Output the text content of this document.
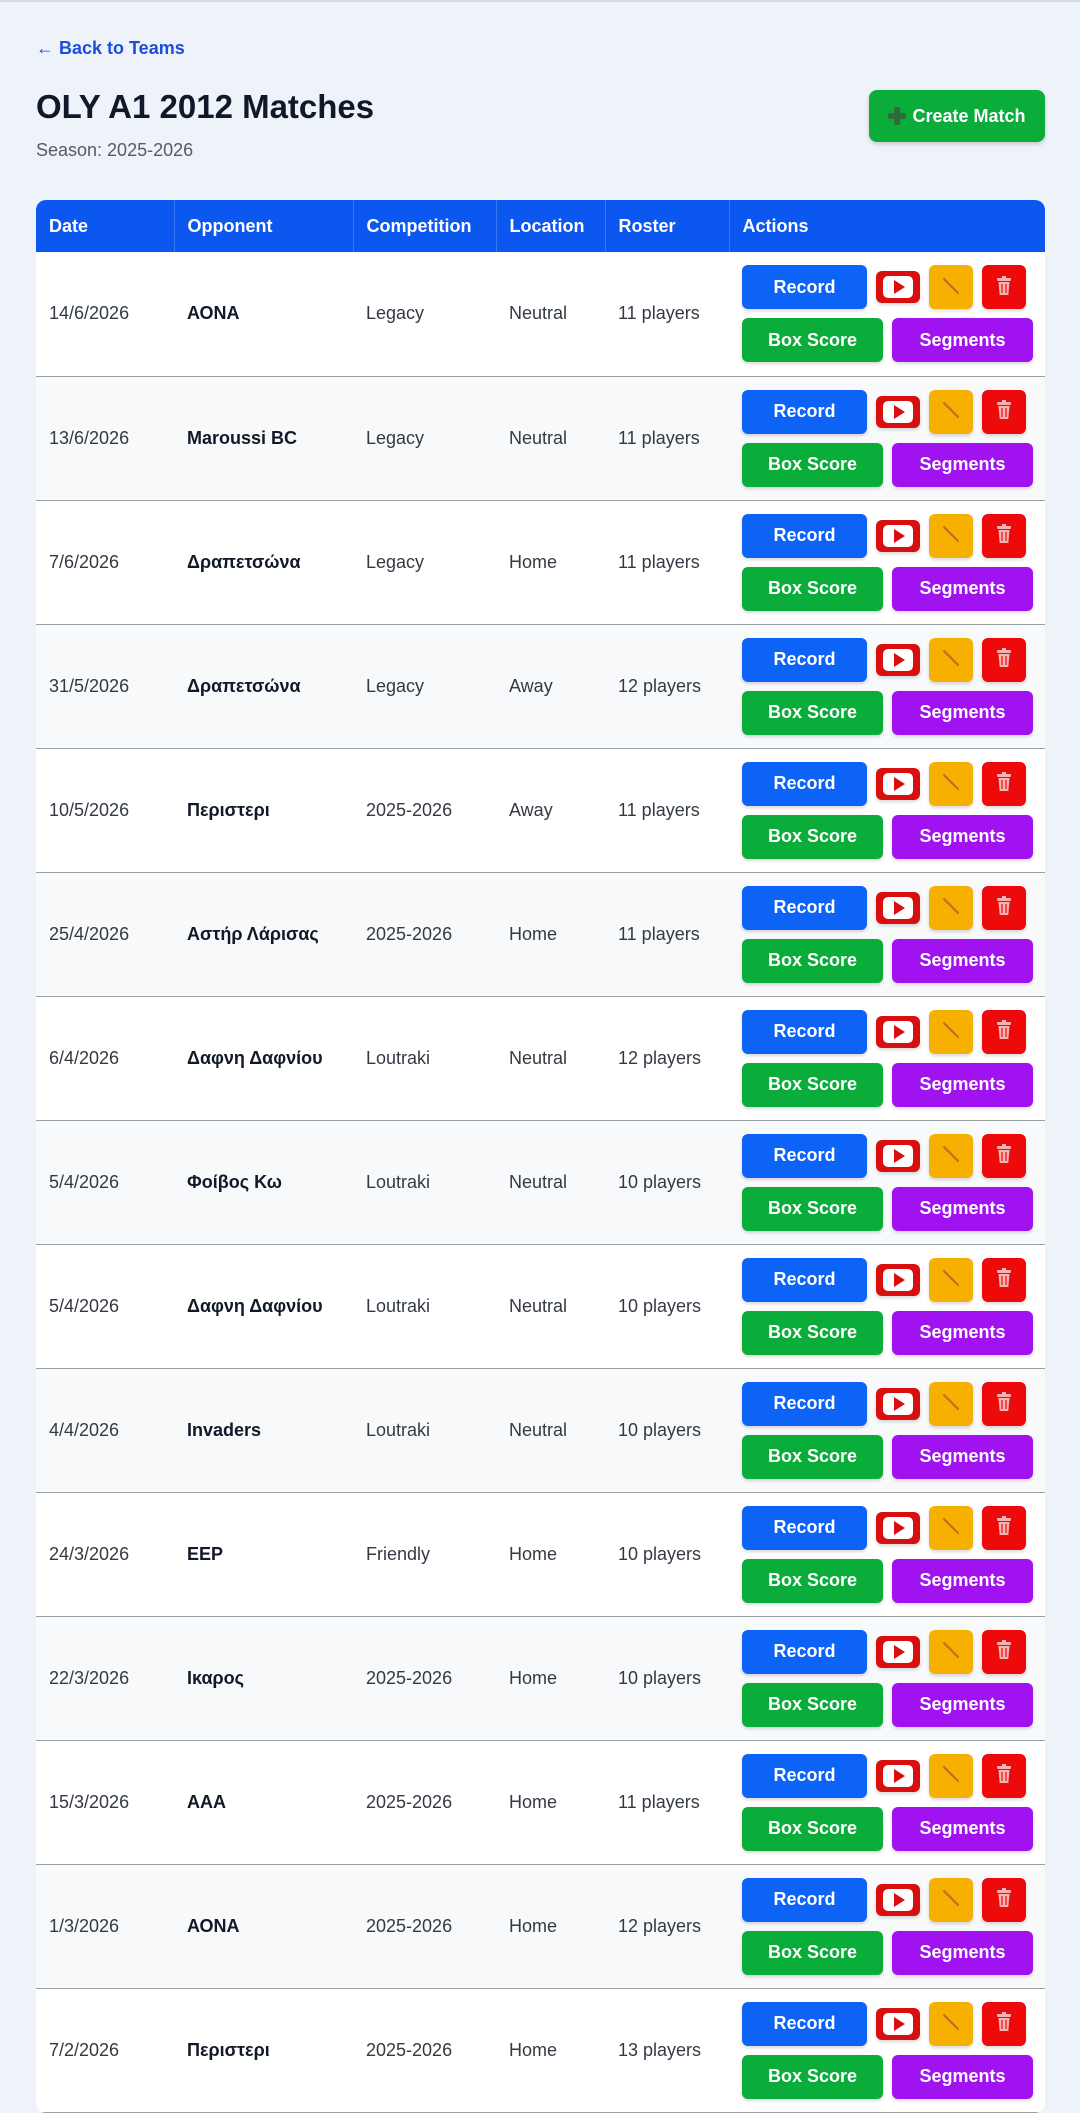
← Back to Teams
OLY A1 2012 Matches
Season: 2025-2026
Create Match
Date	Opponent	Competition	Location	Roster	Actions
14/6/2026	ΑΟΝΑ	Legacy	Neutral	11 players	Record
Box Score Segments

13/6/2026	Maroussi BC	Legacy	Neutral	11 players	Record
Box Score Segments

7/6/2026	Δραπετσώνα	Legacy	Home	11 players	Record
Box Score Segments

31/5/2026	Δραπετσώνα	Legacy	Away	12 players	Record
Box Score Segments

10/5/2026	Περιστερι	2025-2026	Away	11 players	Record
Box Score Segments

25/4/2026	Αστήρ Λάρισας	2025-2026	Home	11 players	Record
Box Score Segments

6/4/2026	Δαφνη Δαφνίου	Loutraki	Neutral	12 players	Record
Box Score Segments

5/4/2026	Φοίβος Κω	Loutraki	Neutral	10 players	Record
Box Score Segments

5/4/2026	Δαφνη Δαφνίου	Loutraki	Neutral	10 players	Record
Box Score Segments

4/4/2026	Invaders	Loutraki	Neutral	10 players	Record
Box Score Segments

24/3/2026	EEP	Friendly	Home	10 players	Record
Box Score Segments

22/3/2026	Ικαρος	2025-2026	Home	10 players	Record
Box Score Segments

15/3/2026	AAA	2025-2026	Home	11 players	Record
Box Score Segments

1/3/2026	ΑΟΝΑ	2025-2026	Home	12 players	Record
Box Score Segments

7/2/2026	Περιστερι	2025-2026	Home	13 players	Record
Box Score Segments
